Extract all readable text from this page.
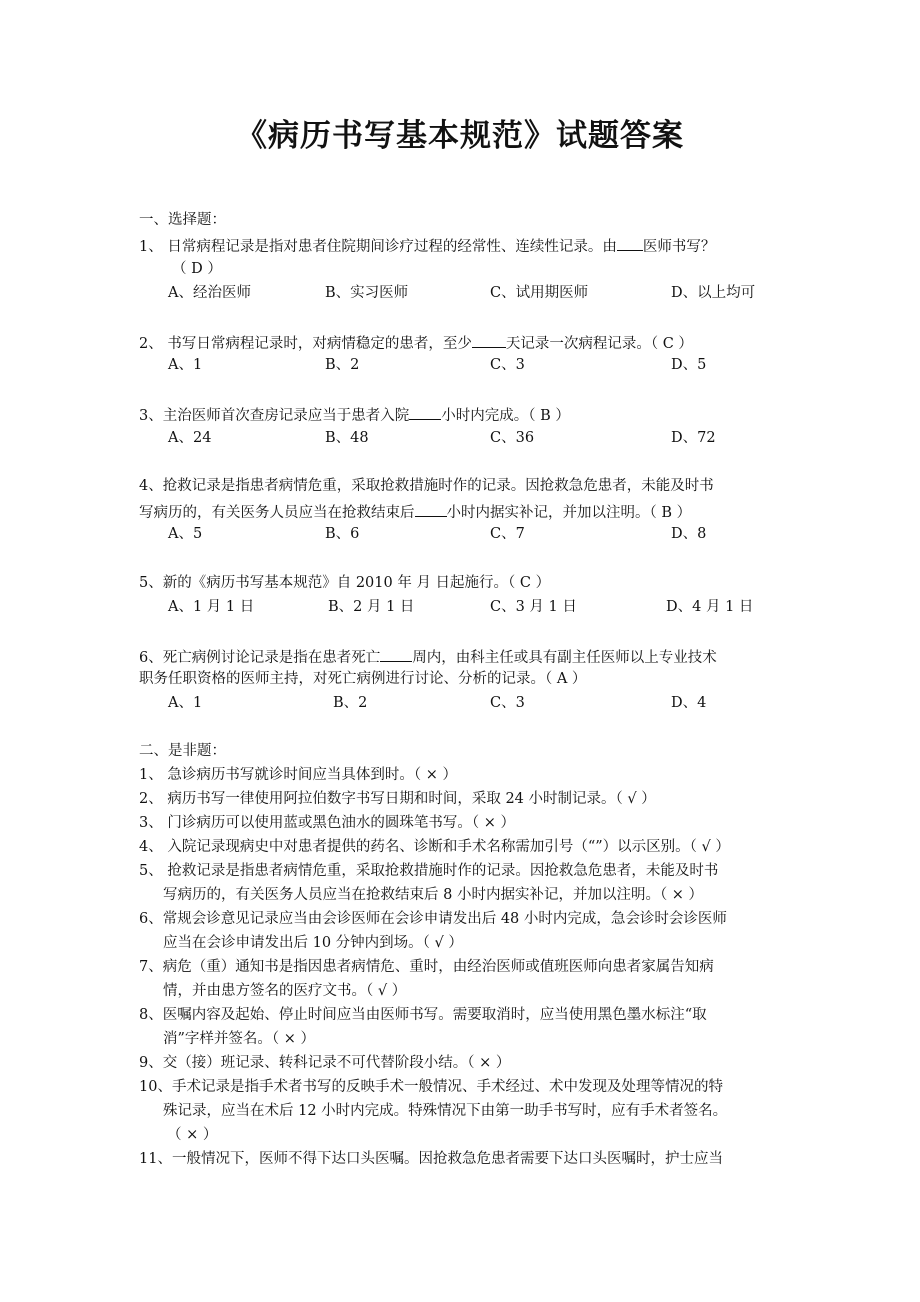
《病历书写基本规范》试题答案
一、选择题：
1、 日常病程记录是指对患者住院期间诊疗过程的经常性、连续性记录。由 医师书写？
（ D ）
A、经治医师	B、实习医师	C、试用期医师	D、以上均可
2、 书写日常病程记录时，对病情稳定的患者，至少 天记录一次病程记录。（ C ）
A、1	B、2	C、3	D、5
3、主治医师首次查房记录应当于患者入院 小时内完成。（ B ）
A、24	B、48	C、36	D、72
4、抢救记录是指患者病情危重，采取抢救措施时作的记录。因抢救急危患者，未能及时书
写病历的，有关医务人员应当在抢救结束后 小时内据实补记，并加以注明。（ B ）
A、5	B、6	C、7	D、8
5、新的《病历书写基本规范》自 2010 年 月 日起施行。（ C ）
A、1 月 1 日	B、2 月 1 日	C、3 月 1 日	D、4 月 1 日
6、死亡病例讨论记录是指在患者死亡 周内，由科主任或具有副主任医师以上专业技术
职务任职资格的医师主持，对死亡病例进行讨论、分析的记录。（ A ）
A、1	B、2	C、3	D、4
二、是非题：
1、 急诊病历书写就诊时间应当具体到时。（ × ）
2、 病历书写一律使用阿拉伯数字书写日期和时间，采取 24 小时制记录。（ √ ）
3、 门诊病历可以使用蓝或黑色油水的圆珠笔书写。（ × ）
4、 入院记录现病史中对患者提供的药名、诊断和手术名称需加引号（“”）以示区别。（ √ ）
5、 抢救记录是指患者病情危重，采取抢救措施时作的记录。因抢救急危患者，未能及时书
写病历的，有关医务人员应当在抢救结束后 8 小时内据实补记，并加以注明。（ × ）
6、常规会诊意见记录应当由会诊医师在会诊申请发出后 48 小时内完成，急会诊时会诊医师
应当在会诊申请发出后 10 分钟内到场。（ √ ）
7、病危（重）通知书是指因患者病情危、重时，由经治医师或值班医师向患者家属告知病
情，并由患方签名的医疗文书。（ √ ）
8、医嘱内容及起始、停止时间应当由医师书写。需要取消时，应当使用黑色墨水标注“取
消”字样并签名。（ × ）
9、交（接）班记录、转科记录不可代替阶段小结。（ × ）
10、手术记录是指手术者书写的反映手术一般情况、手术经过、术中发现及处理等情况的特
殊记录，应当在术后 12 小时内完成。特殊情况下由第一助手书写时，应有手术者签名。
（ × ）
11、一般情况下，医师不得下达口头医嘱。因抢救急危患者需要下达口头医嘱时，护士应当
